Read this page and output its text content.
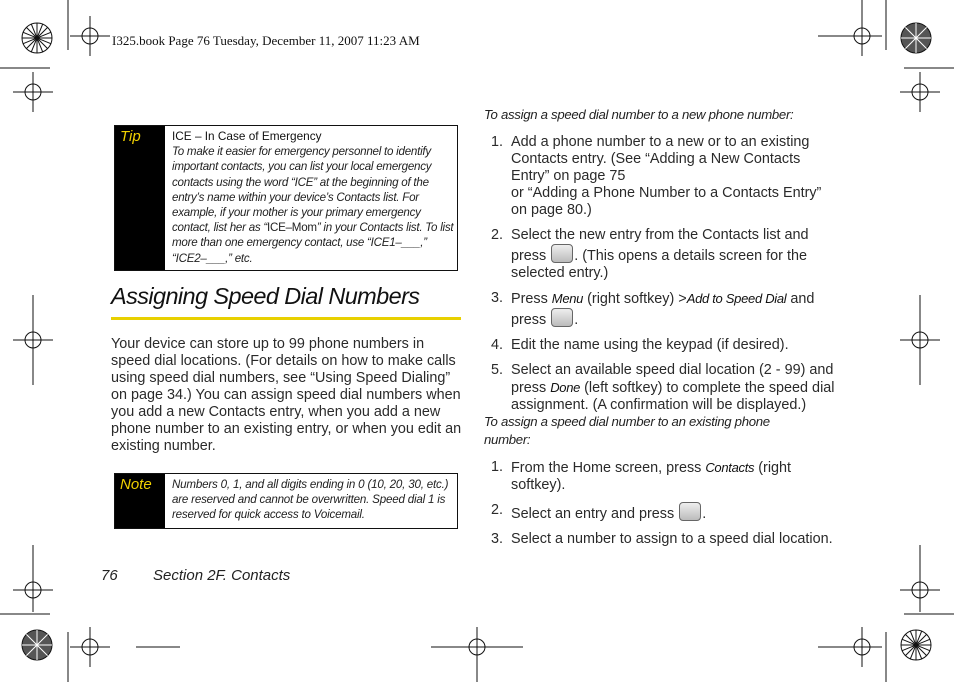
I325.book Page 76 Tuesday, December 11, 2007 11:23 AM
Tip	ICE – In Case of Emergency
To make it easier for emergency personnel to identify important contacts, you can list your local emergency contacts using the word “ICE” at the beginning of the entry’s name within your device’s Contacts list. For example, if your mother is your primary emergency contact, list her as “ICE–Mom” in your Contacts list. To list more than one emergency contact, use “ICE1–___,” “ICE2–___,” etc.
Assigning Speed Dial Numbers
Your device can store up to 99 phone numbers in speed dial locations. (For details on how to make calls using speed dial numbers, see “Using Speed Dialing” on page 34.) You can assign speed dial numbers when you add a new Contacts entry, when you add a new phone number to an existing entry, or when you edit an existing number.
Note	Numbers 0, 1, and all digits ending in 0 (10, 20, 30, etc.) are reserved and cannot be overwritten. Speed dial 1 is reserved for quick access to Voicemail.
76 Section 2F. Contacts
To assign a speed dial number to a new phone number:
1. Add a phone number to a new or to an existing Contacts entry. (See “Adding a New Contacts Entry” on page 75
or “Adding a Phone Number to a Contacts Entry” on page 80.)
2. Select the new entry from the Contacts list and press . (This opens a details screen for the selected entry.)
3. Press Menu (right softkey) >Add to Speed Dial and press .
4. Edit the name using the keypad (if desired).
5. Select an available speed dial location (2 - 99) and press Done (left softkey) to complete the speed dial assignment. (A confirmation will be displayed.)
To assign a speed dial number to an existing phone number:
1. From the Home screen, press Contacts (right softkey).
2. Select an entry and press .
3. Select a number to assign to a speed dial location.
